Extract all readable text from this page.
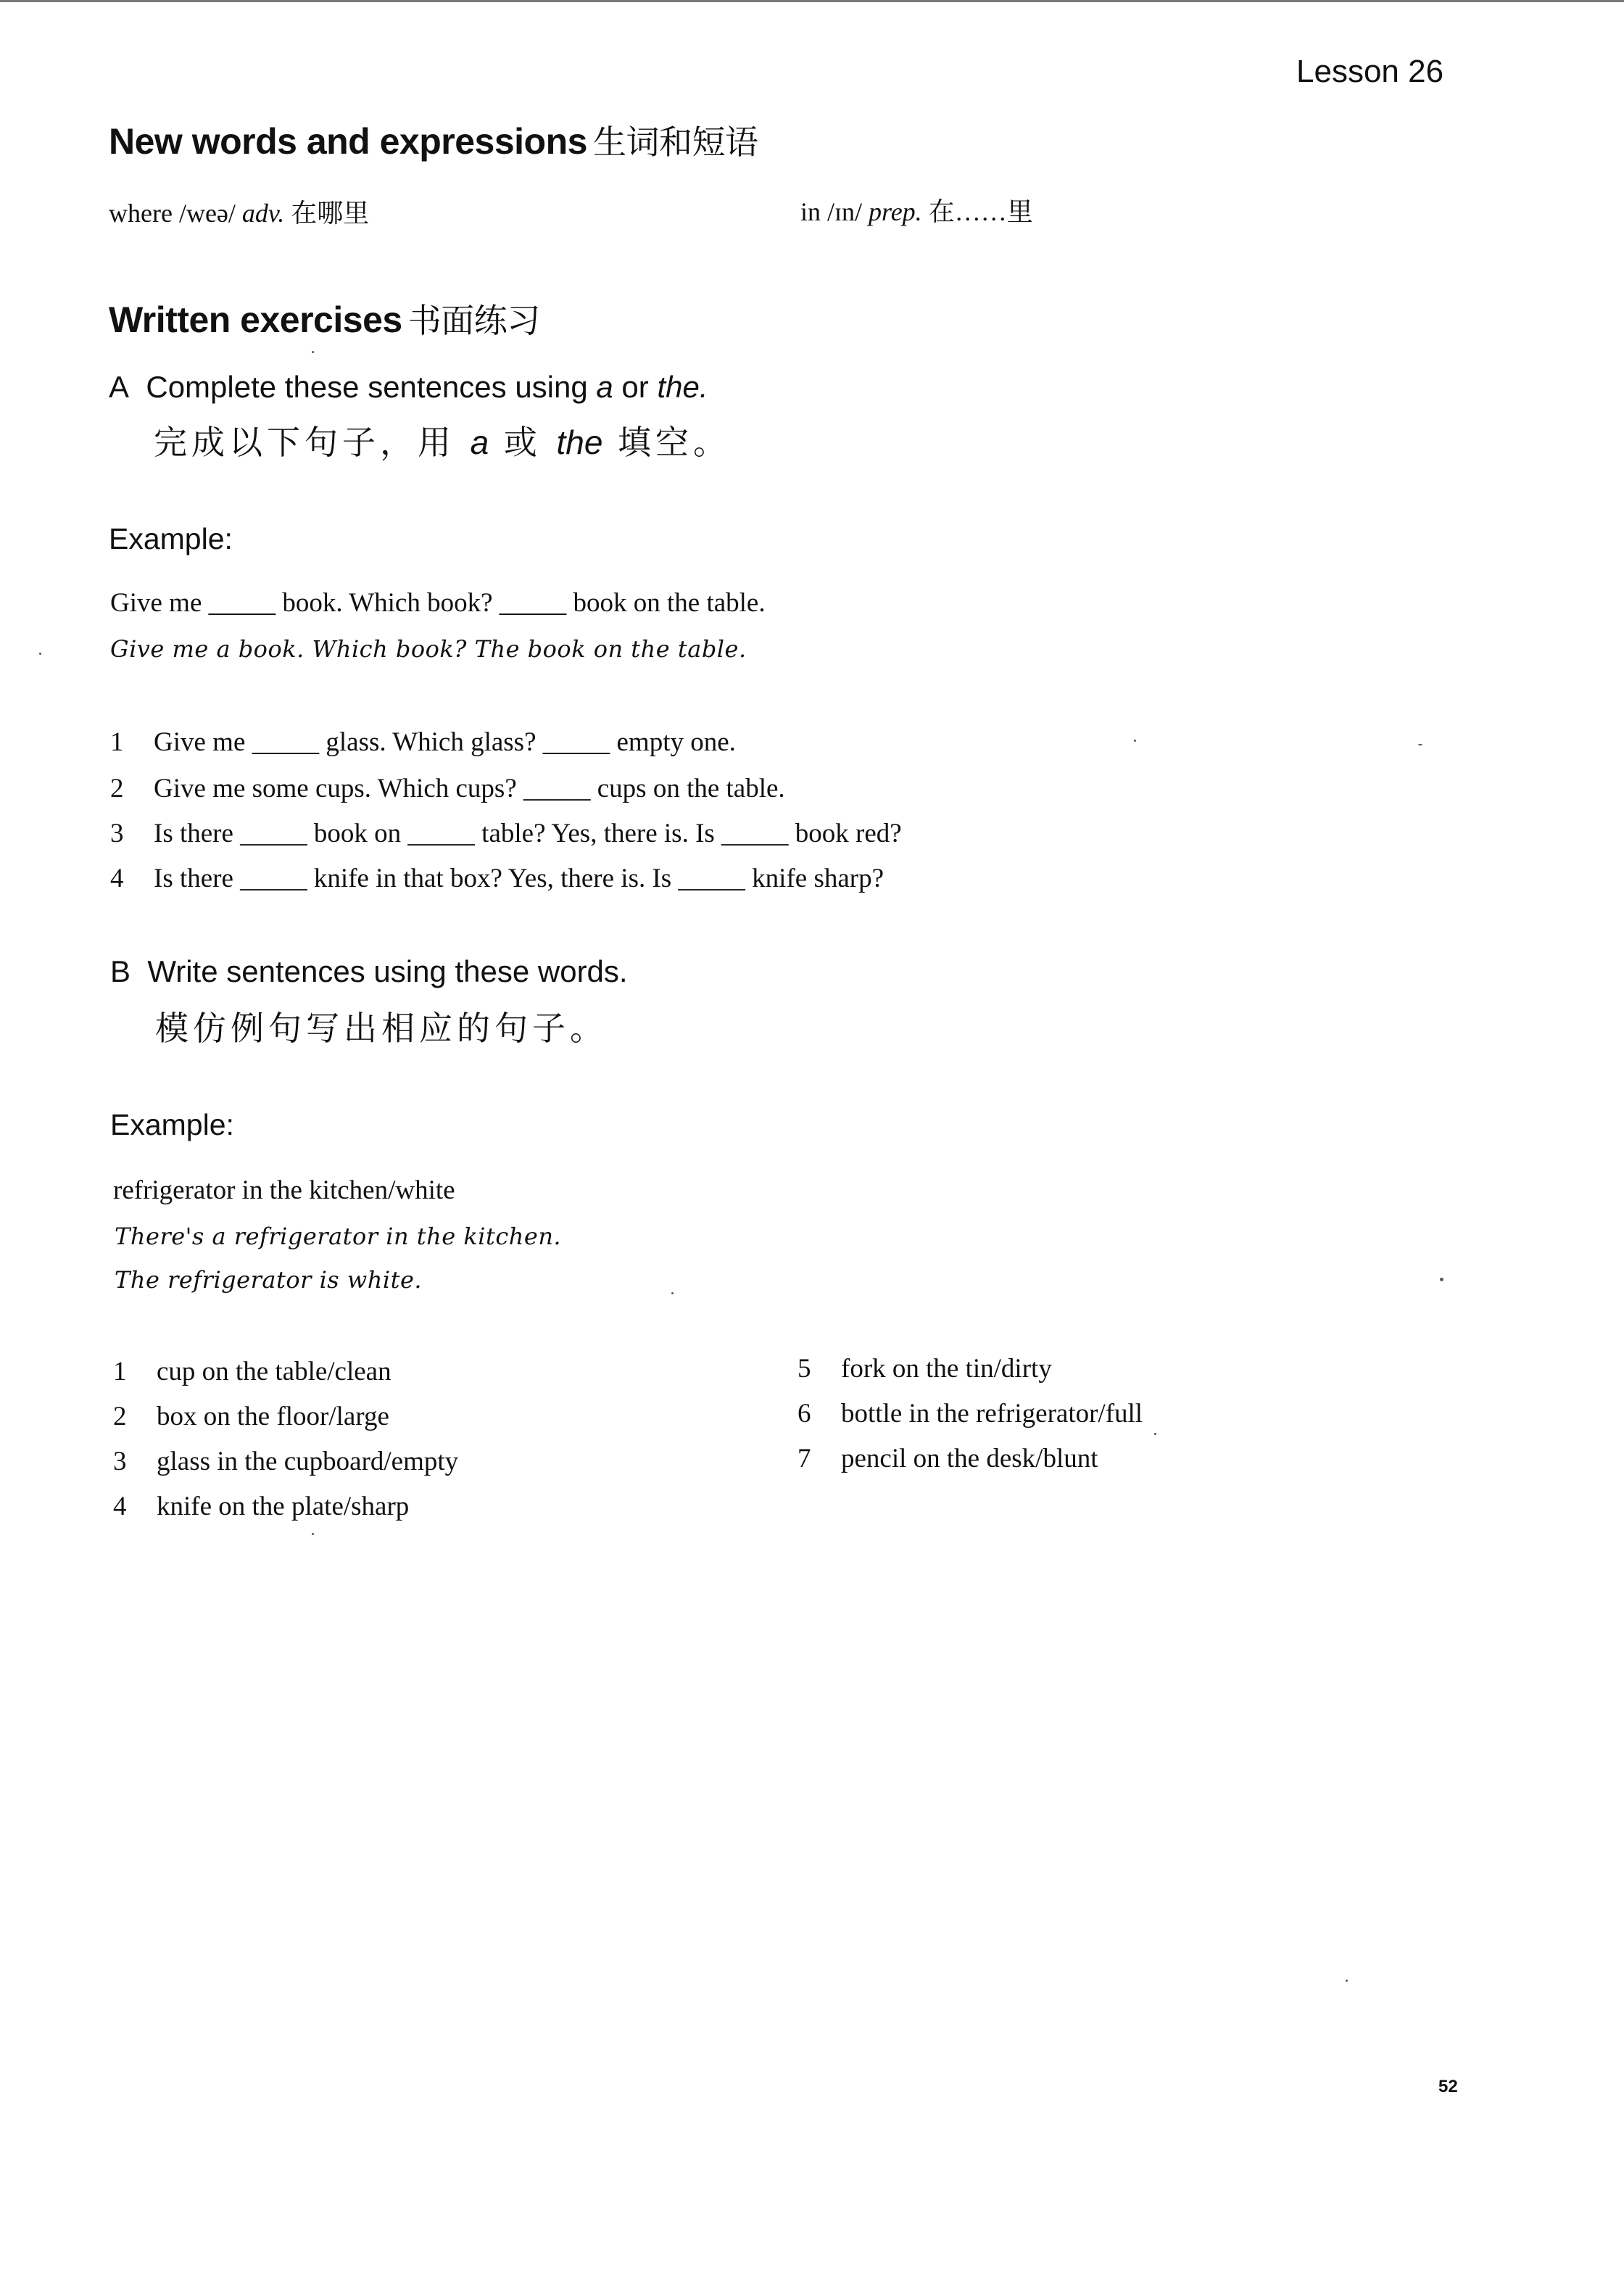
Lesson 26
New words and expressions 生词和短语
where /weə/ adv. 在哪里	in /ɪn/ prep. 在……里
Written exercises 书面练习
A Complete these sentences using a or the.
完成以下句子，用 a 或 the 填空。
Example:
Give me _____ book. Which book? _____ book on the table.
Give me a book. Which book? The book on the table.
1 Give me _____ glass. Which glass? _____ empty one.
2 Give me some cups. Which cups? _____ cups on the table.
3 Is there _____ book on _____ table? Yes, there is. Is _____ book red?
4 Is there _____ knife in that box? Yes, there is. Is _____ knife sharp?
B Write sentences using these words.
模仿例句写出相应的句子。
Example:
refrigerator in the kitchen/white
There's a refrigerator in the kitchen.
The refrigerator is white.
1 cup on the table/clean
2 box on the floor/large
3 glass in the cupboard/empty
4 knife on the plate/sharp
5 fork on the tin/dirty
6 bottle in the refrigerator/full
7 pencil on the desk/blunt
52
